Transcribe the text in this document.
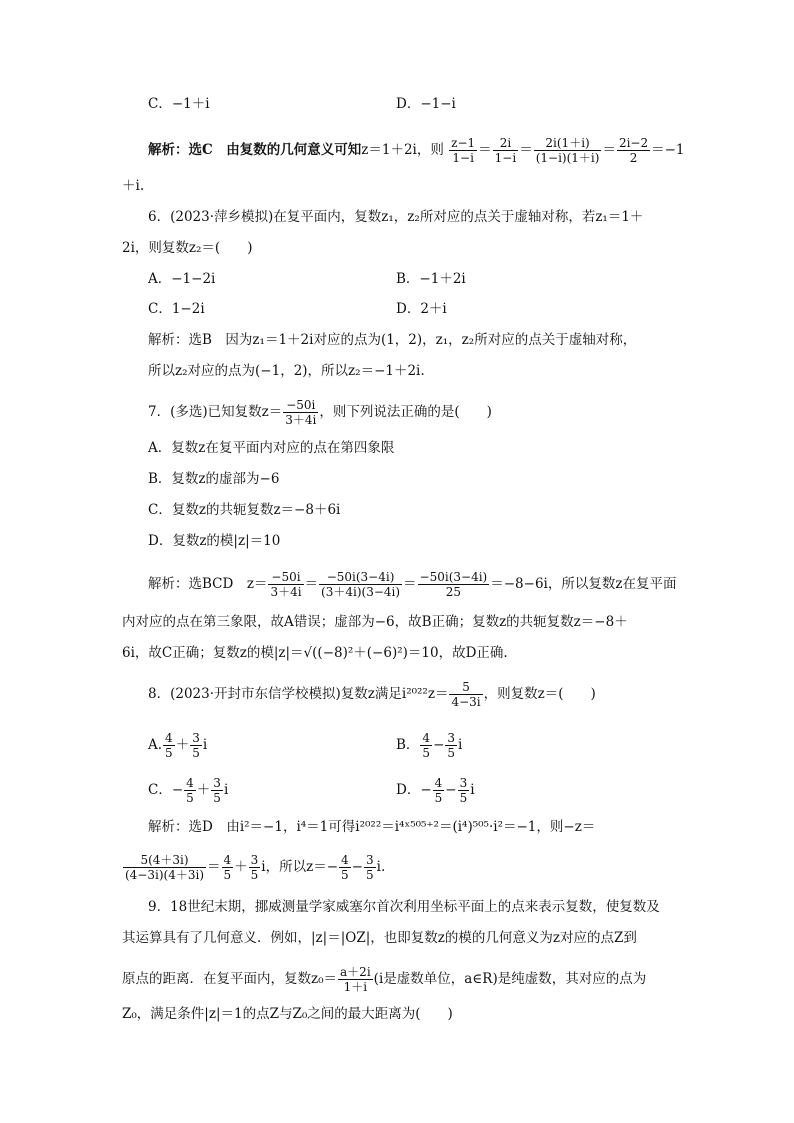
C．−1＋i	D．−1−i
解析：选C　由复数的几何意义可知z＝1＋2i，则 $\frac{z-1}{1-i} = \frac{2i}{1-i} = \frac{2i(1+i)}{(1-i)(1+i)} = \frac{2i-2}{2} =-1$
＋i.
6．(2023·萍乡模拟)在复平面内，复数z₁，z₂所对应的点关于虚轴对称，若z₁＝1＋
2i，则复数z₂＝(　　)
A．−1−2i	B．−1＋2i
C．1−2i	D．2＋i
解析：选B　因为z₁＝1＋2i对应的点为(1，2)，z₁，z₂所对应的点关于虚轴对称，
所以z₂对应的点为(−1，2)，所以z₂＝−1＋2i.
7．(多选)已知复数$z= \frac{-50i}{3+4i}$ ，则下列说法正确的是(　　)
A．复数z在复平面内对应的点在第四象限
B．复数z的虚部为−6
C．复数z的共轭复数z＝−8＋6i
D．复数z的模|z|＝10
解析：选BCD　$z= \frac{-50i}{3+4i} = \frac{-50i(3-4i)}{(3+4i)(3-4i)} = \frac{-50i(3-4i)}{25} =-8-6i$，所以复数z在复平面
内对应的点在第三象限，故A错误；虚部为−6，故B正确；复数z的共轭复数z＝−8＋
6i，故C正确；复数z的模|z|＝√((−8)²＋(−6)²)＝10，故D正确.
8．(2023·开封市东信学校模拟)复数z满足$i^{2022}z= \frac{5}{4-3i}$ ，则复数z＝(　　)
A. $\frac{4}{5} + \frac{3}{5}$ i	B． $\frac{4}{5} - \frac{3}{5}$ i
C．− $\frac{4}{5} + \frac{3}{5}$ i	D．− $\frac{4}{5} - \frac{3}{5}$ i
解析：选D　由i²＝−1，i⁴＝1可得i²⁰²²＝i⁴ˣ⁵⁰⁵⁺²＝(i⁴)⁵⁰⁵·i²＝−1，则−z＝
$\frac{5(4+3i)}{(4-3i)(4+3i)} = \frac{4}{5} + \frac{3}{5}$ i，所以$z=- \frac{4}{5} - \frac{3}{5} i$.
9．18世纪末期，挪威测量学家威塞尔首次利用坐标平面上的点来表示复数，使复数及
其运算具有了几何意义．例如，|z|＝|OZ|，也即复数z的模的几何意义为z对应的点Z到
原点的距离．在复平面内，复数$z_0= \frac{a+2i}{1+i} (i$是虚数单位，a∈R)是纯虚数，其对应的点为
Z₀，满足条件|z|＝1的点Z与Z₀之间的最大距离为(　　)
